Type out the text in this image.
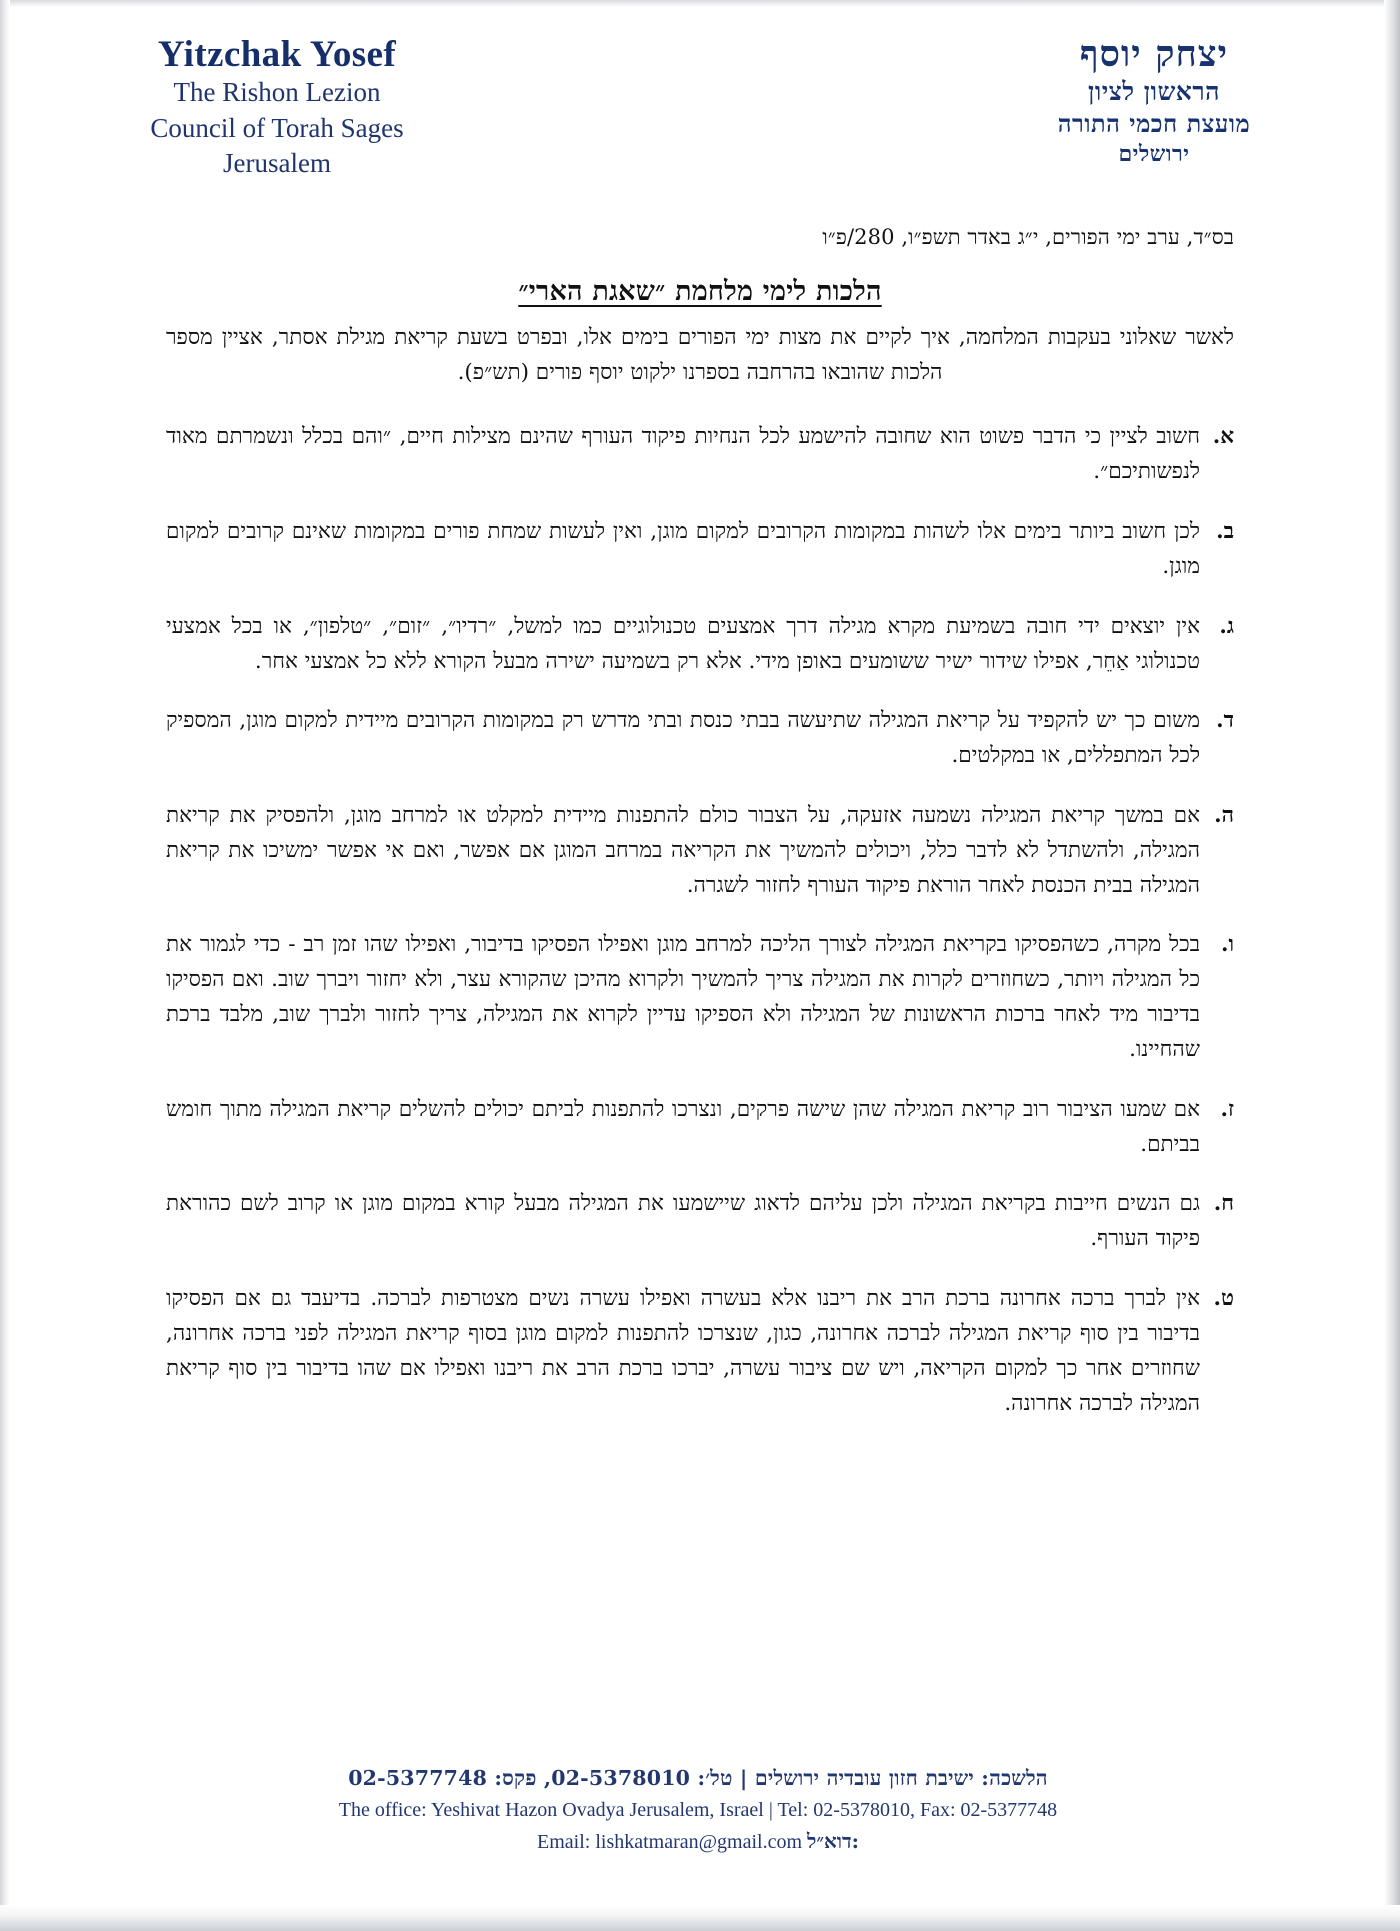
יצחק יוסף
הראשון לציון
מועצת חכמי התורה
ירושלים
Yitzchak Yosef
The Rishon Lezion
Council of Torah Sages
Jerusalem
בס״ד, ערב ימי הפורים, י״ג באדר תשפ״ו, 280/פ״ו
הלכות לימי מלחמת ״שאגת הארי״
לאשר שאלוני בעקבות המלחמה, איך לקיים את מצות ימי הפורים בימים אלו, ובפרט בשעת קריאת מגילת אסתר, אציין מספר הלכות שהובאו בהרחבה בספרנו ילקוט יוסף פורים (תש״פ).
א.
חשוב לציין כי הדבר פשוט הוא שחובה להישמע לכל הנחיות פיקוד העורף שהינם מצילות חיים, ״והם בכלל ונשמרתם מאוד לנפשותיכם״.
ב.
לכן חשוב ביותר בימים אלו לשהות במקומות הקרובים למקום מוגן, ואין לעשות שמחת פורים במקומות שאינם קרובים למקום מוגן.
ג.
אין יוצאים ידי חובה בשמיעת מקרא מגילה דרך אמצעים טכנולוגיים כמו למשל, ״רדיו״, ״זום״, ״טלפון״, או בכל אמצעי טכנולוגי אַחֵר, אפילו שידור ישיר ששומעים באופן מידי. אלא רק בשמיעה ישירה מבעל הקורא ללא כל אמצעי אחר.
ד.
משום כך יש להקפיד על קריאת המגילה שתיעשה בבתי כנסת ובתי מדרש רק במקומות הקרובים מיידית למקום מוגן, המספיק לכל המתפללים, או במקלטים.
ה.
אם במשך קריאת המגילה נשמעה אזעקה, על הצבור כולם להתפנות מיידית למקלט או למרחב מוגן, ולהפסיק את קריאת המגילה, ולהשתדל לא לדבר כלל, ויכולים להמשיך את הקריאה במרחב המוגן אם אפשר, ואם אי אפשר ימשיכו את קריאת המגילה בבית הכנסת לאחר הוראת פיקוד העורף לחזור לשגרה.
ו.
בכל מקרה, כשהפסיקו בקריאת המגילה לצורך הליכה למרחב מוגן ואפילו הפסיקו בדיבור, ואפילו שהו זמן רב - כדי לגמור את כל המגילה ויותר, כשחוזרים לקרות את המגילה צריך להמשיך ולקרוא מהיכן שהקורא עצר, ולא יחזור ויברך שוב. ואם הפסיקו בדיבור מיד לאחר ברכות הראשונות של המגילה ולא הספיקו עדיין לקרוא את המגילה, צריך לחזור ולברך שוב, מלבד ברכת שהחיינו.
ז.
אם שמעו הציבור רוב קריאת המגילה שהן שישה פרקים, ונצרכו להתפנות לביתם יכולים להשלים קריאת המגילה מתוך חומש בביתם.
ח.
גם הנשים חייבות בקריאת המגילה ולכן עליהם לדאוג שיישמעו את המגילה מבעל קורא במקום מוגן או קרוב לשם כהוראת פיקוד העורף.
ט.
אין לברך ברכה אחרונה ברכת הרב את ריבנו אלא בעשרה ואפילו עשרה נשים מצטרפות לברכה. בדיעבד גם אם הפסיקו בדיבור בין סוף קריאת המגילה לברכה אחרונה, כגון, שנצרכו להתפנות למקום מוגן בסוף קריאת המגילה לפני ברכה אחרונה, שחוזרים אחר כך למקום הקריאה, ויש שם ציבור עשרה, יברכו ברכת הרב את ריבנו ואפילו אם שהו בדיבור בין סוף קריאת המגילה לברכה אחרונה.
הלשכה: ישיבת חזון עובדיה ירושלים | טל׳: 02-5378010, פקס: 02-5377748
The office: Yeshivat Hazon Ovadya Jerusalem, Israel | Tel: 02-5378010, Fax: 02-5377748
Email: lishkatmaran@gmail.com דוא״ל:
